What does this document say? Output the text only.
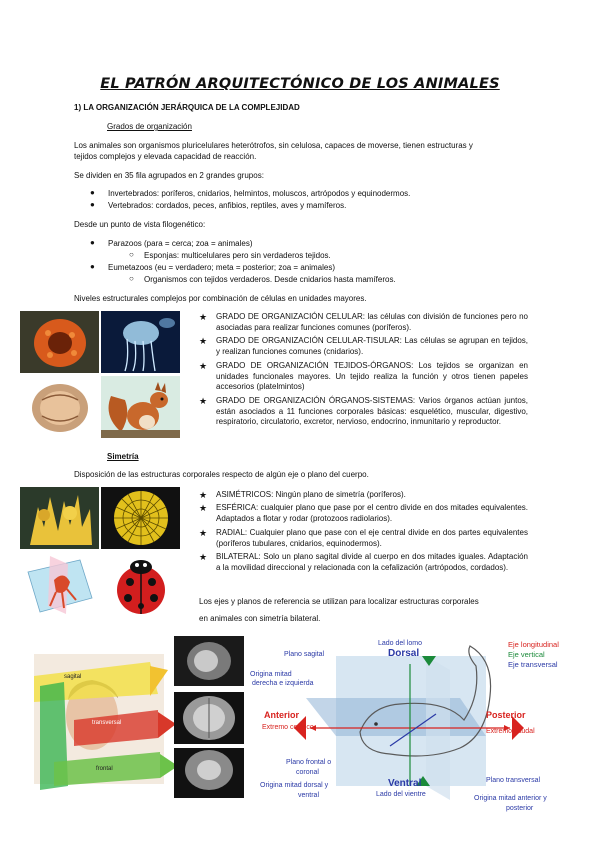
EL PATRÓN ARQUITECTÓNICO DE LOS ANIMALES
1) LA ORGANIZACIÓN JERÁRQUICA DE LA COMPLEJIDAD
Grados de organización
Los animales son organismos pluricelulares heterótrofos, sin celulosa, capaces de moverse, tienen estructuras y
tejidos complejos y elevada capacidad de reacción.
Se dividen en 35 fila agrupados en 2 grandes grupos:
● Invertebrados: poríferos, cnidarios, helmintos, moluscos, artrópodos y equinodermos.
● Vertebrados: cordados, peces, anfibios, reptiles, aves y mamíferos.
Desde un punto de vista filogenético:
● Parazoos (para = cerca; zoa = animales)
○ Esponjas: multicelulares pero sin verdaderos tejidos.
● Eumetazoos (eu = verdadero; meta = posterior; zoa = animales)
○ Organismos con tejidos verdaderos. Desde cnidarios hasta mamíferos.
Niveles estructurales complejos por combinación de células en unidades mayores.
★ GRADO DE ORGANIZACIÓN CELULAR: las células con división de funciones pero no asociadas para realizar funciones comunes (poríferos).
★ GRADO DE ORGANIZACIÓN CELULAR-TISULAR: Las células se agrupan en tejidos, y realizan funciones comunes (cnidarios).
★ GRADO DE ORGANIZACIÓN TEJIDOS-ÓRGANOS: Los tejidos se organizan en unidades funcionales mayores. Un tejido realiza la función y otros tienen papeles accesorios (platelmintos)
★ GRADO DE ORGANIZACIÓN ÓRGANOS-SISTEMAS: Varios órganos actúan juntos, están asociados a 11 funciones corporales básicas: esquelético, muscular, digestivo, respiratorio, circulatorio, excretor, nervioso, endocrino, inmunitario y reproductor.
Simetría
Disposición de las estructuras corporales respecto de algún eje o plano del cuerpo.
★ ASIMÉTRICOS: Ningún plano de simetría (poríferos).
★ ESFÉRICA: cualquier plano que pase por el centro divide en dos mitades equivalentes. Adaptados a flotar y rodar (protozoos radiolarios).
★ RADIAL: Cualquier plano que pase con el eje central divide en dos partes equivalentes (poríferos tubulares, cnidarios, equinodermos).
★ BILATERAL: Solo un plano sagital divide al cuerpo en dos mitades iguales. Adaptación a la movilidad direccional y relacionada con la cefalización (artrópodos, cordados).
Los ejes y planos de referencia se utilizan para localizar estructuras corporales
en animales con simetría bilateral.
sagital
transversal
frontal
Lado del lomo
Dorsal
Plano sagital
Origina mitad
derecha e izquierda
Eje longitudinal
Eje vertical
Eje transversal
Anterior
Extremo cefálico
Posterior
Extremo caudal
Plano frontal o
coronal
Origina mitad dorsal y
ventral
Ventral
Lado del vientre
Plano transversal
Origina mitad anterior y
posterior
